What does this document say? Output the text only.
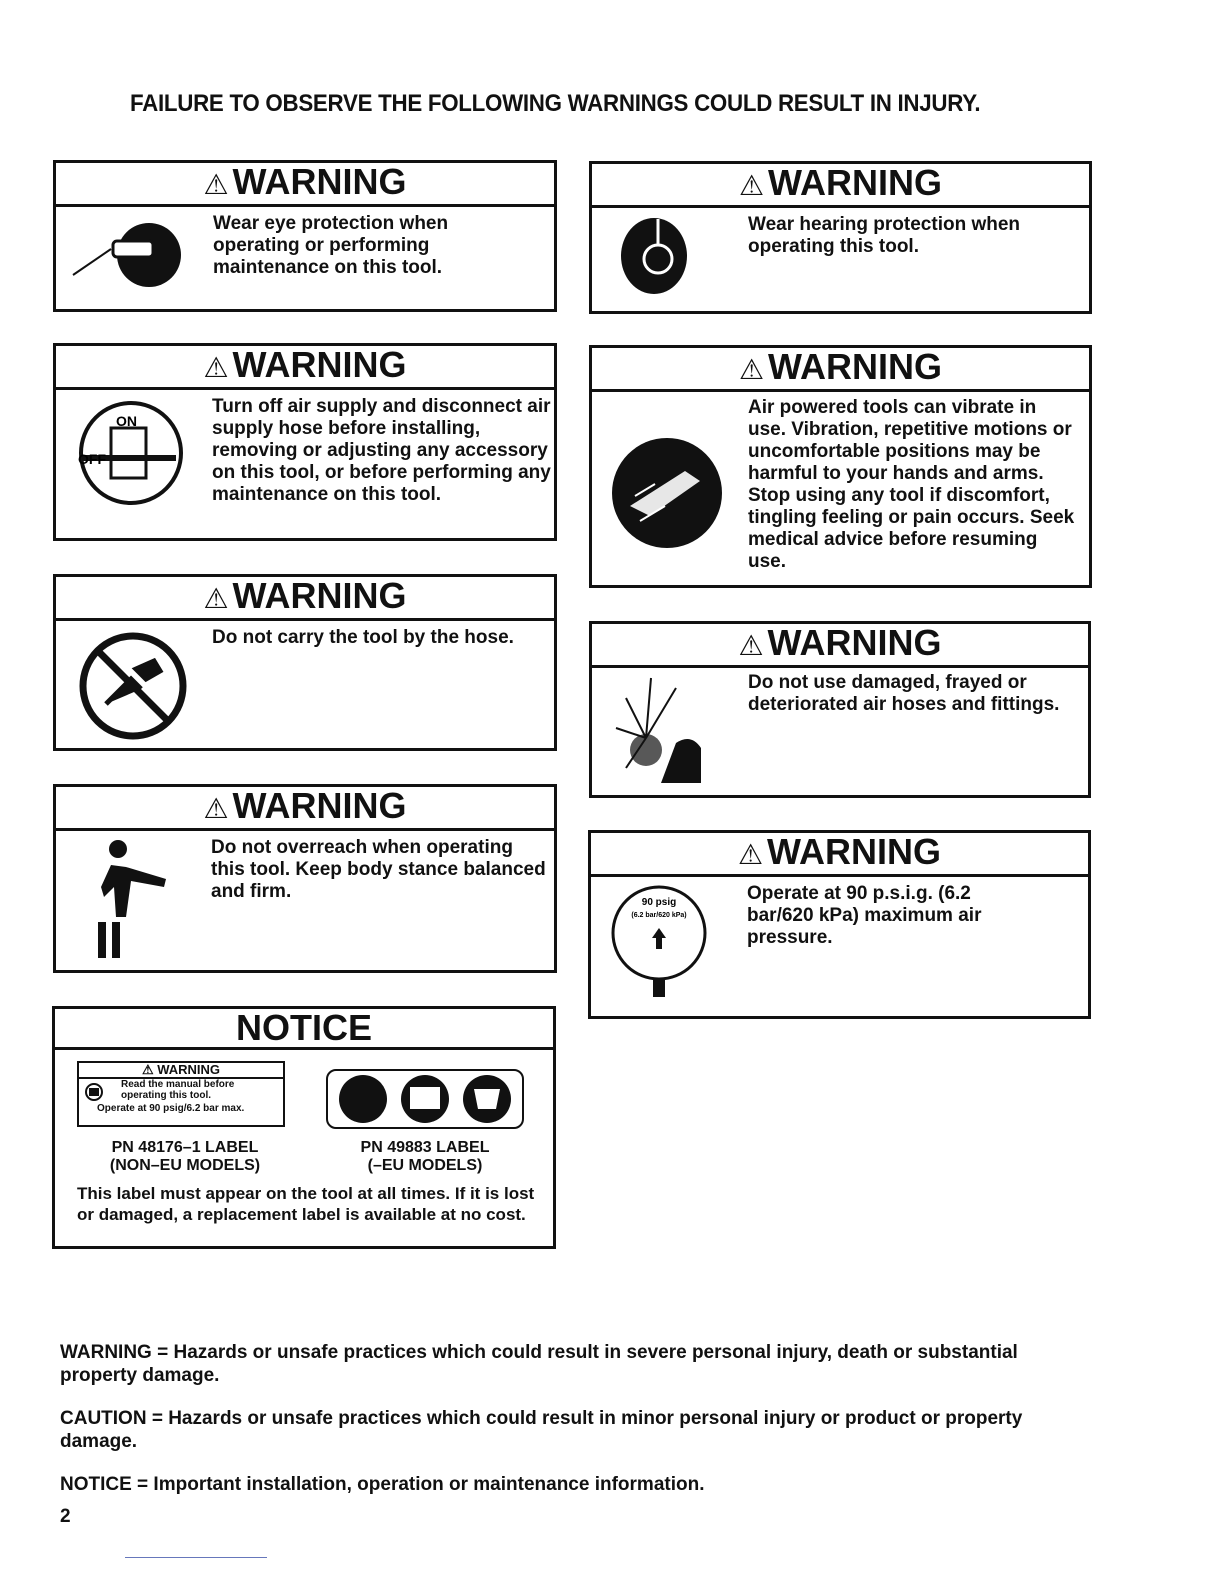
FAILURE TO OBSERVE THE FOLLOWING WARNINGS COULD RESULT IN INJURY.
⚠ WARNING
Wear eye protection when operating or performing maintenance on this tool.
⚠ WARNING
ON
OFF
Turn off air supply and disconnect air supply hose before installing, removing or adjusting any accessory on this tool, or before performing any maintenance on this tool.
⚠ WARNING
Do not carry the tool by the hose.
⚠ WARNING
Do not overreach when operating this tool. Keep body stance balanced and firm.
NOTICE
⚠ WARNING
Read the manual before
operating this tool.
Operate at 90 psig/6.2 bar max.
PN 48176–1 LABEL
(NON–EU MODELS)
PN 49883 LABEL
(–EU MODELS)
This label must appear on the tool at all times. If it is lost or damaged, a replacement label is available at no cost.
⚠ WARNING
Wear hearing protection when operating this tool.
⚠ WARNING
Air powered tools can vibrate in use. Vibration, repetitive motions or uncomfortable positions may be harmful to your hands and arms. Stop using any tool if discomfort, tingling feeling or pain occurs. Seek medical advice before resuming use.
⚠ WARNING
Do not use damaged, frayed or deteriorated air hoses and fittings.
⚠ WARNING
90 psig
(6.2 bar/620 kPa)
Operate at 90 p.s.i.g. (6.2 bar/620 kPa) maximum air pressure.
WARNING = Hazards or unsafe practices which could result in severe personal injury, death or substantial property damage.
CAUTION = Hazards or unsafe practices which could result in minor personal injury or product or property damage.
NOTICE = Important installation, operation or maintenance information.
2
